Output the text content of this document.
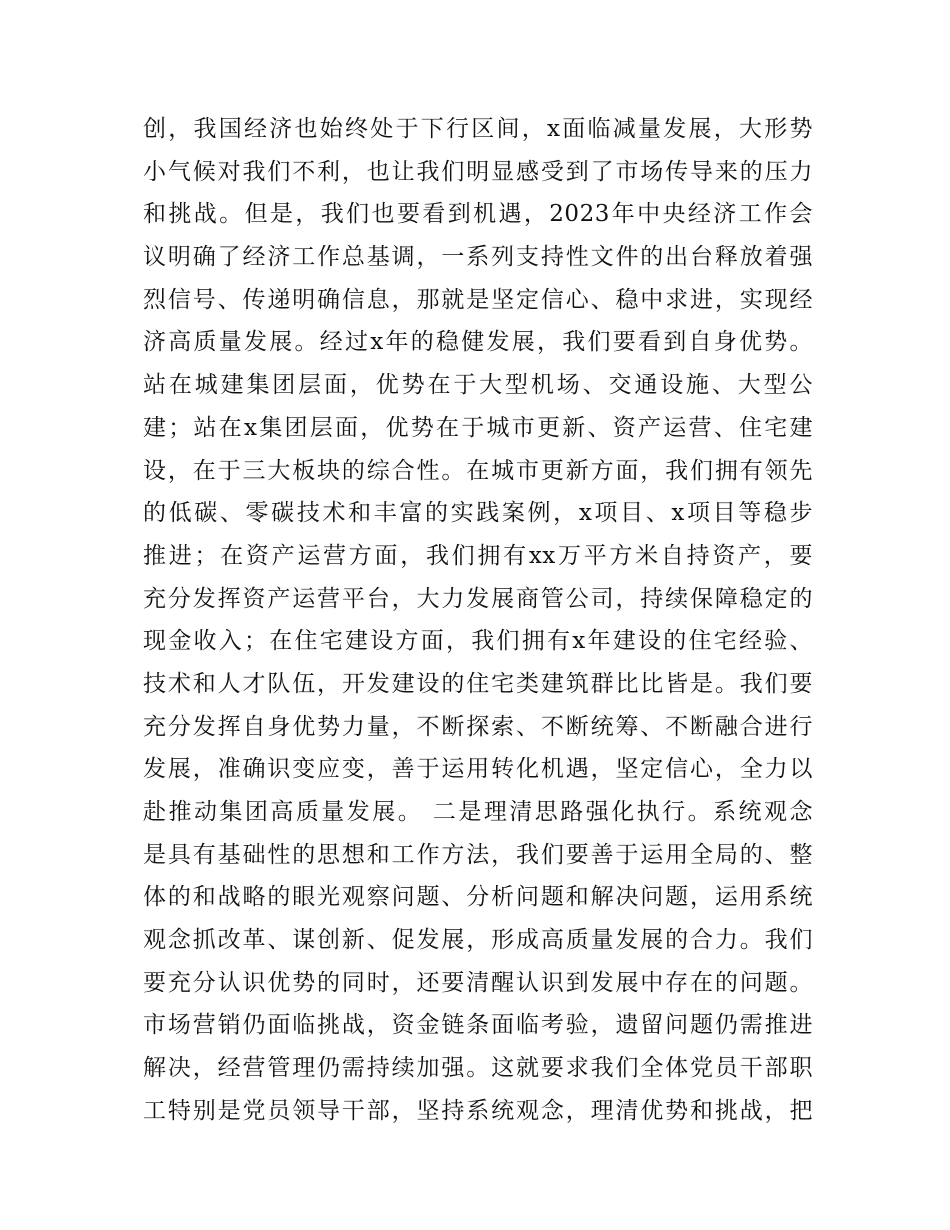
创，我国经济也始终处于下行区间，x面临减量发展，大形势
小气候对我们不利，也让我们明显感受到了市场传导来的压力
和挑战。但是，我们也要看到机遇，2023年中央经济工作会
议明确了经济工作总基调，一系列支持性文件的出台释放着强
烈信号、传递明确信息，那就是坚定信心、稳中求进，实现经
济高质量发展。经过x年的稳健发展，我们要看到自身优势。
站在城建集团层面，优势在于大型机场、交通设施、大型公
建；站在x集团层面，优势在于城市更新、资产运营、住宅建
设，在于三大板块的综合性。在城市更新方面，我们拥有领先
的低碳、零碳技术和丰富的实践案例，x项目、x项目等稳步
推进；在资产运营方面，我们拥有xx万平方米自持资产，要
充分发挥资产运营平台，大力发展商管公司，持续保障稳定的
现金收入；在住宅建设方面，我们拥有x年建设的住宅经验、
技术和人才队伍，开发建设的住宅类建筑群比比皆是。我们要
充分发挥自身优势力量，不断探索、不断统筹、不断融合进行
发展，准确识变应变，善于运用转化机遇，坚定信心，全力以
赴推动集团高质量发展。 二是理清思路强化执行。系统观念
是具有基础性的思想和工作方法，我们要善于运用全局的、整
体的和战略的眼光观察问题、分析问题和解决问题，运用系统
观念抓改革、谋创新、促发展，形成高质量发展的合力。我们
要充分认识优势的同时，还要清醒认识到发展中存在的问题。
市场营销仍面临挑战，资金链条面临考验，遗留问题仍需推进
解决，经营管理仍需持续加强。这就要求我们全体党员干部职
工特别是党员领导干部，坚持系统观念，理清优势和挑战，把
